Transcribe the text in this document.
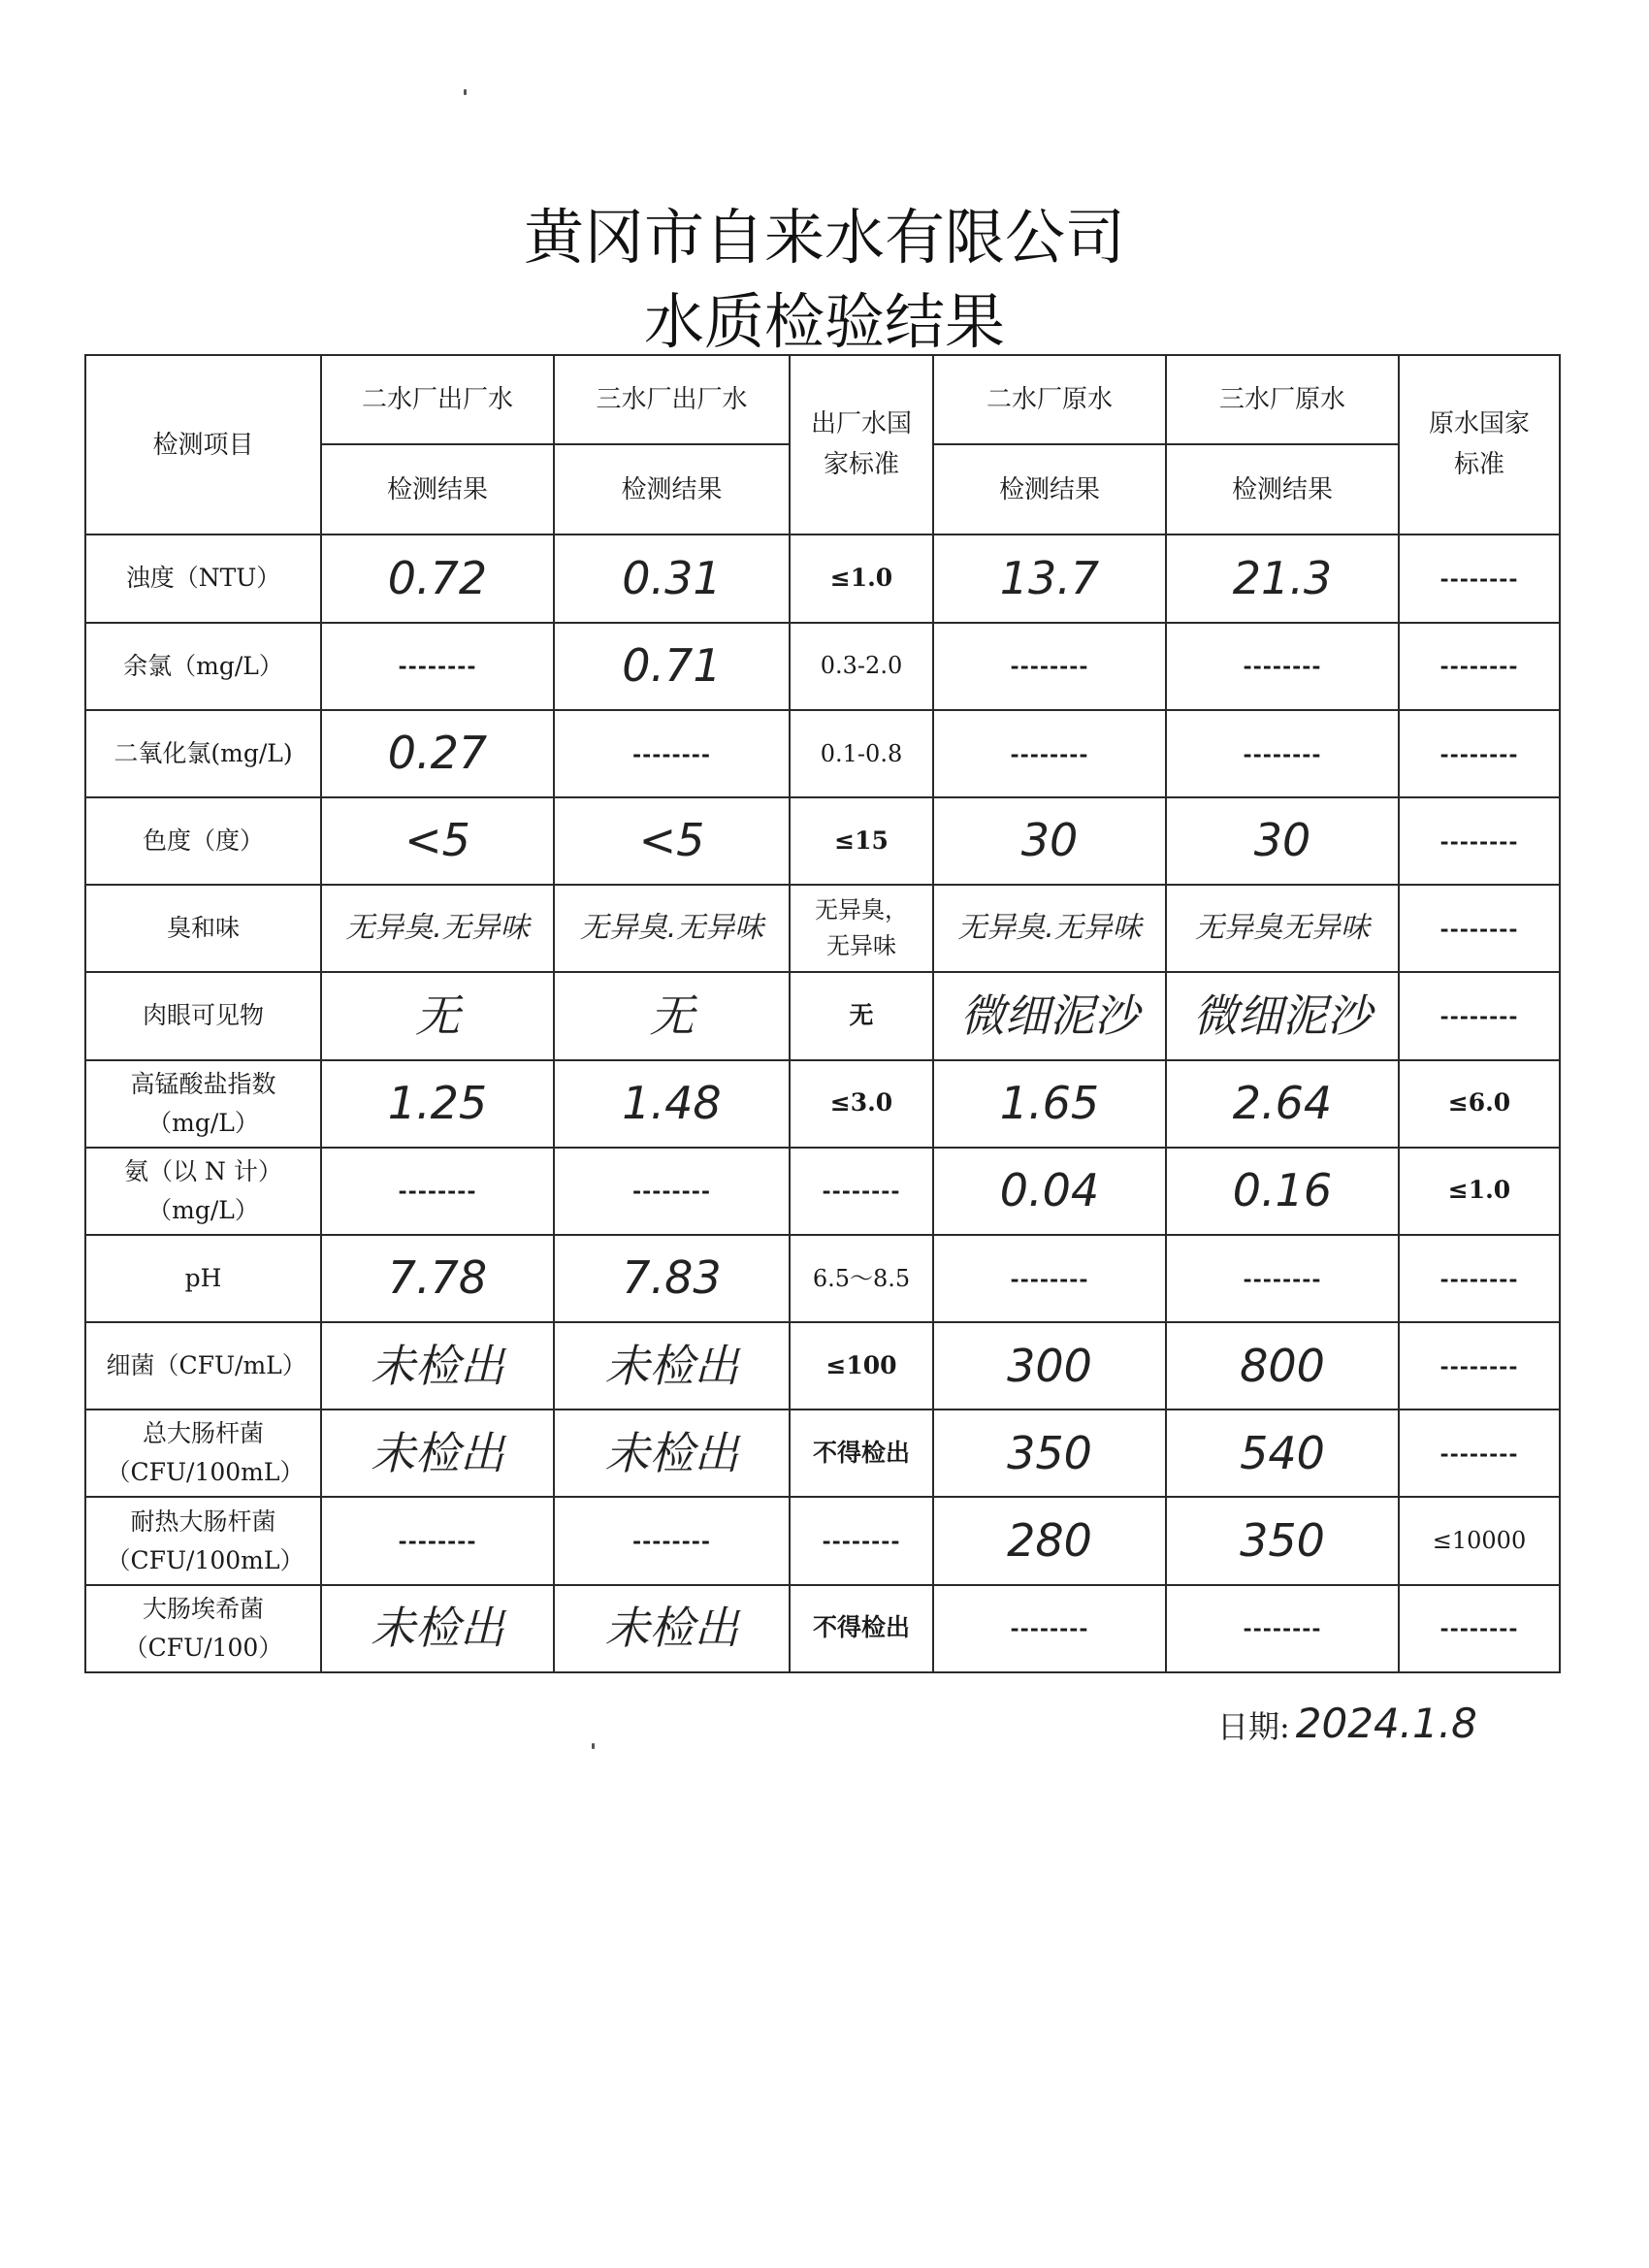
黄冈市自来水有限公司
水质检验结果
检测项目	二水厂出厂水	三水厂出厂水	出厂水国家标准	二水厂原水	三水厂原水	原水国家标准
	检测结果	检测结果		检测结果	检测结果	
浊度（NTU）	0.72	0.31	≤1.0	13.7	21.3	--------
余氯（mg/L）	--------	0.71	0.3-2.0	--------	--------	--------
二氧化氯(mg/L)	0.27	--------	0.1-0.8	--------	--------	--------
色度（度）	<5	<5	≤15	30	30	--------
臭和味	无异臭.无异味	无异臭.无异味	无异臭，无异味	无异臭.无异味	无异臭无异味	--------
肉眼可见物	无	无	无	微细泥沙	微细泥沙	--------
高锰酸盐指数（mg/L）	1.25	1.48	≤3.0	1.65	2.64	≤6.0
氨（以 N 计）（mg/L）	--------	--------	--------	0.04	0.16	≤1.0
pH	7.78	7.83	6.5～8.5	--------	--------	--------
细菌（CFU/mL）	未检出	未检出	≤100	300	800	--------
总大肠杆菌（CFU/100mL）	未检出	未检出	不得检出	350	540	--------
耐热大肠杆菌（CFU/100mL）	--------	--------	--------	280	350	≤10000
大肠埃希菌（CFU/100）	未检出	未检出	不得检出	--------	--------	--------
日期: 2024.1.8
